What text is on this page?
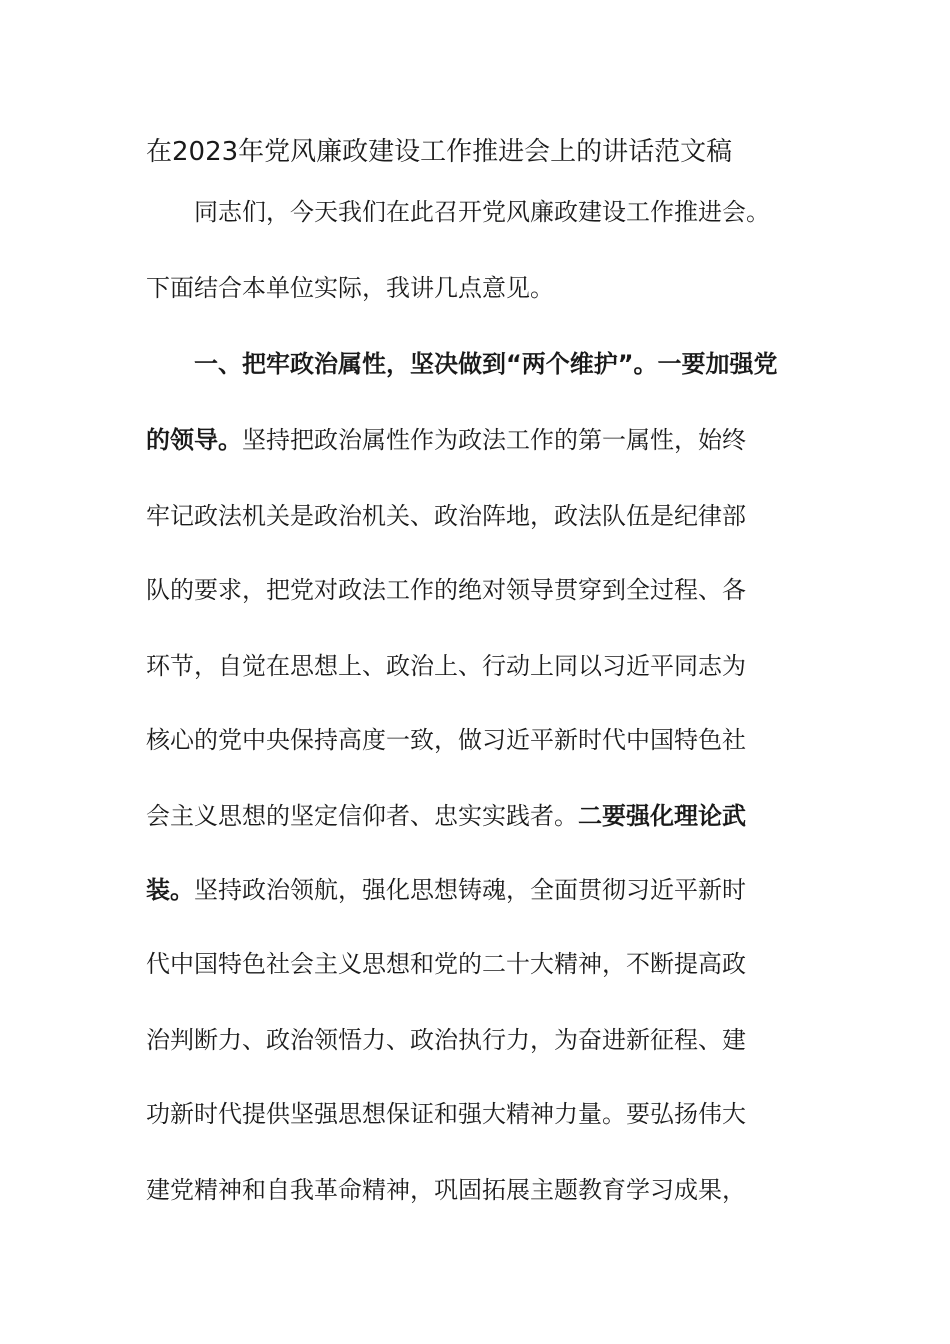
在2023年党风廉政建设工作推进会上的讲话范文稿
同志们，今天我们在此召开党风廉政建设工作推进会。
下面结合本单位实际，我讲几点意见。
一、把牢政治属性，坚决做到“两个维护”。一要加强党
的领导。坚持把政治属性作为政法工作的第一属性，始终
牢记政法机关是政治机关、政治阵地，政法队伍是纪律部
队的要求，把党对政法工作的绝对领导贯穿到全过程、各
环节，自觉在思想上、政治上、行动上同以习近平同志为
核心的党中央保持高度一致，做习近平新时代中国特色社
会主义思想的坚定信仰者、忠实实践者。二要强化理论武
装。坚持政治领航，强化思想铸魂，全面贯彻习近平新时
代中国特色社会主义思想和党的二十大精神，不断提高政
治判断力、政治领悟力、政治执行力，为奋进新征程、建
功新时代提供坚强思想保证和强大精神力量。要弘扬伟大
建党精神和自我革命精神，巩固拓展主题教育学习成果，
